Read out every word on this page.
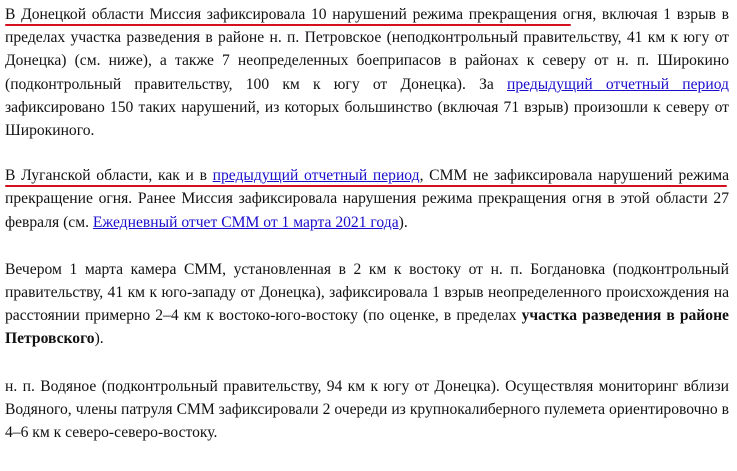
В Донецкой области Миссия зафиксировала 10 нарушений режима прекращения огня, включая 1 взрыв в пределах участка разведения в районе н. п. Петровское (неподконтрольный правительству, 41 км к югу от Донецка) (см. ниже), а также 7 неопределенных боеприпасов в районах к северу от н. п. Широкино (подконтрольный правительству, 100 км к югу от Донецка). За предыдущий отчетный период зафиксировано 150 таких нарушений, из которых большинство (включая 71 взрыв) произошли к северу от Широкиного.

В Луганской области, как и в предыдущий отчетный период, СММ не зафиксировала нарушений режима прекращение огня. Ранее Миссия зафиксировала нарушения режима прекращения огня в этой области 27 февраля (см. Ежедневный отчет СММ от 1 марта 2021 года).

Вечером 1 марта камера СММ, установленная в 2 км к востоку от н. п. Богдановка (подконтрольный правительству, 41 км к юго-западу от Донецка), зафиксировала 1 взрыв неопределенного происхождения на расстоянии примерно 2–4 км к востоко-юго-востоку (по оценке, в пределах участка разведения в районе Петровского).

н. п. Водяное (подконтрольный правительству, 94 км к югу от Донецка). Осуществляя мониторинг вблизи Водяного, члены патруля СММ зафиксировали 2 очереди из крупнокалиберного пулемета ориентировочно в 4–6 км к северо-северо-востоку.
